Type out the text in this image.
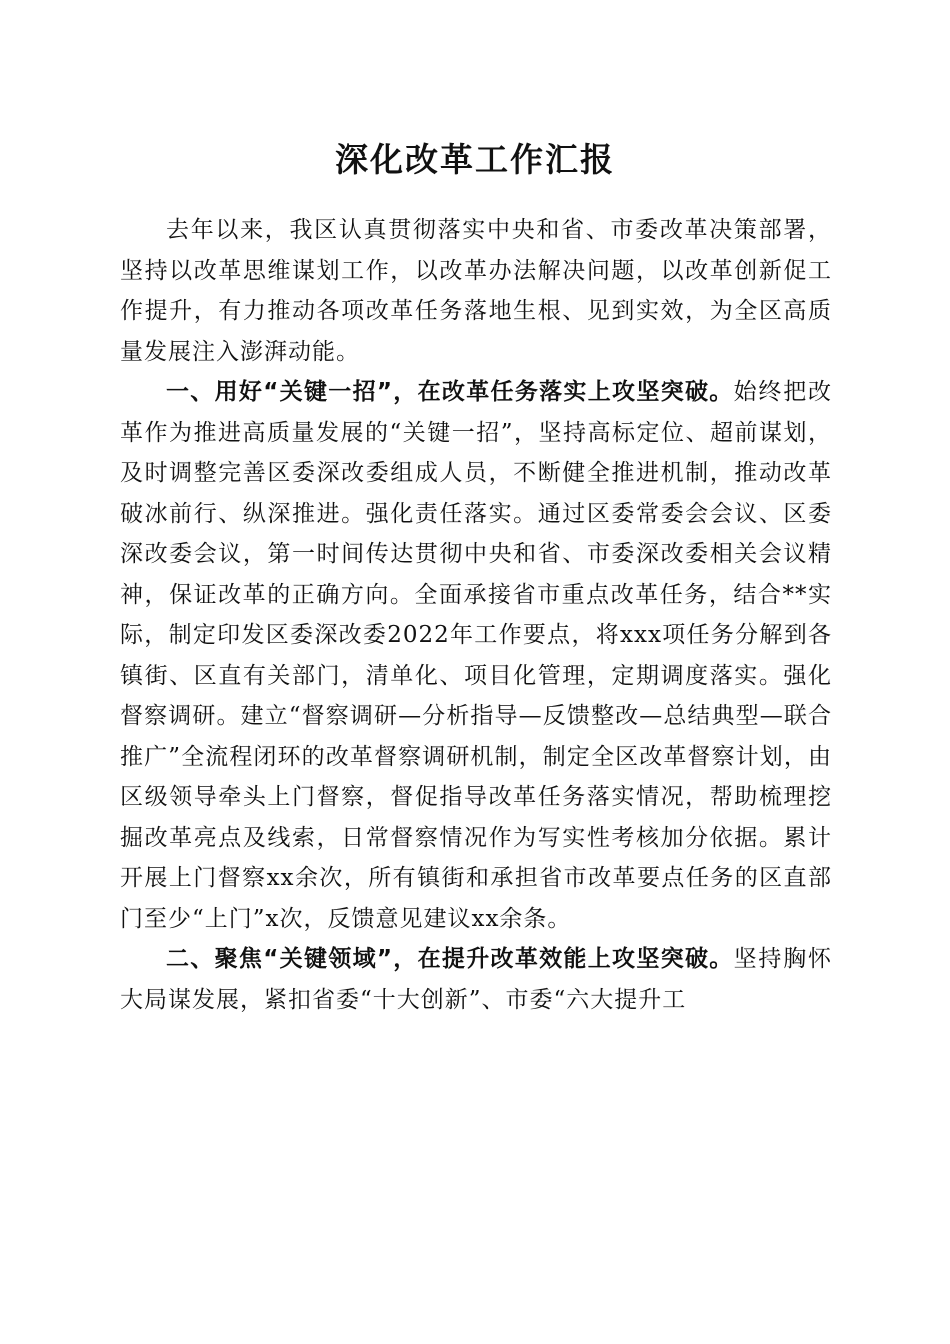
深化改革工作汇报

去年以来，我区认真贯彻落实中央和省、市委改革决策部署，坚持以改革思维谋划工作，以改革办法解决问题，以改革创新促工作提升，有力推动各项改革任务落地生根、见到实效，为全区高质量发展注入澎湃动能。

一、用好“关键一招”，在改革任务落实上攻坚突破。始终把改革作为推进高质量发展的“关键一招”，坚持高标定位、超前谋划，及时调整完善区委深改委组成人员，不断健全推进机制，推动改革破冰前行、纵深推进。强化责任落实。通过区委常委会会议、区委深改委会议，第一时间传达贯彻中央和省、市委深改委相关会议精神，保证改革的正确方向。全面承接省市重点改革任务，结合**实际，制定印发区委深改委2022年工作要点，将xxx项任务分解到各镇街、区直有关部门，清单化、项目化管理，定期调度落实。强化督察调研。建立“督察调研—分析指导—反馈整改—总结典型—联合推广”全流程闭环的改革督察调研机制，制定全区改革督察计划，由区级领导牵头上门督察，督促指导改革任务落实情况，帮助梳理挖掘改革亮点及线索，日常督察情况作为写实性考核加分依据。累计开展上门督察xx余次，所有镇街和承担省市改革要点任务的区直部门至少“上门”x次，反馈意见建议xx余条。

二、聚焦“关键领域”，在提升改革效能上攻坚突破。坚持胸怀大局谋发展，紧扣省委“十大创新”、市委“六大提升工
